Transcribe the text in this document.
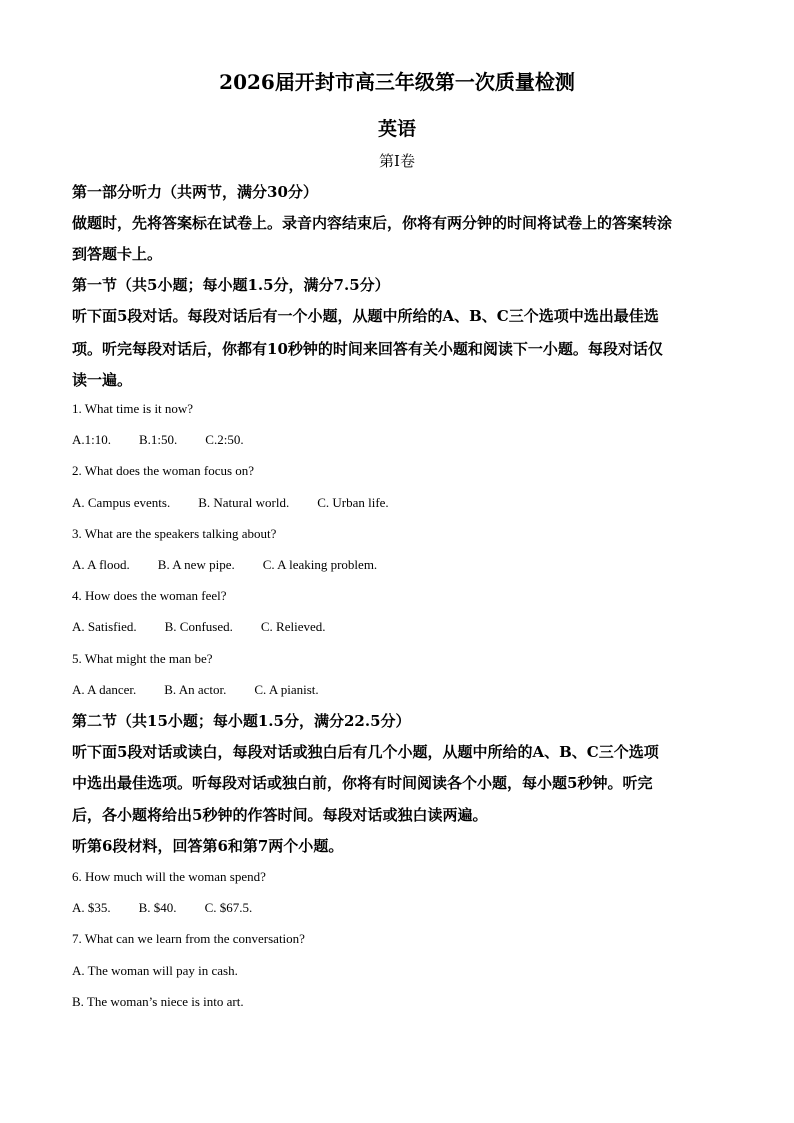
2026届开封市高三年级第一次质量检测
英语
第Ⅰ卷
第一部分听力（共两节，满分30分）
做题时，先将答案标在试卷上。录音内容结束后，你将有两分钟的时间将试卷上的答案转涂
到答题卡上。
第一节（共5小题；每小题1.5分，满分7.5分）
听下面5段对话。每段对话后有一个小题，从题中所给的A、B、C三个选项中选出最佳选
项。听完每段对话后，你都有10秒钟的时间来回答有关小题和阅读下一小题。每段对话仅
读一遍。
1. What time is it now?
A.1:10. B.1:50. C.2:50.
2. What does the woman focus on?
A. Campus events. B. Natural world. C. Urban life.
3. What are the speakers talking about?
A. A flood. B. A new pipe. C. A leaking problem.
4. How does the woman feel?
A. Satisfied. B. Confused. C. Relieved.
5. What might the man be?
A. A dancer. B. An actor. C. A pianist.
第二节（共15小题；每小题1.5分，满分22.5分）
听下面5段对话或读白，每段对话或独白后有几个小题，从题中所给的A、B、C三个选项
中选出最佳选项。听每段对话或独白前，你将有时间阅读各个小题，每小题5秒钟。听完
后，各小题将给出5秒钟的作答时间。每段对话或独白读两遍。
听第6段材料，回答第6和第7两个小题。
6. How much will the woman spend?
A. $35. B. $40. C. $67.5.
7. What can we learn from the conversation?
A. The woman will pay in cash.
B. The woman’s niece is into art.
